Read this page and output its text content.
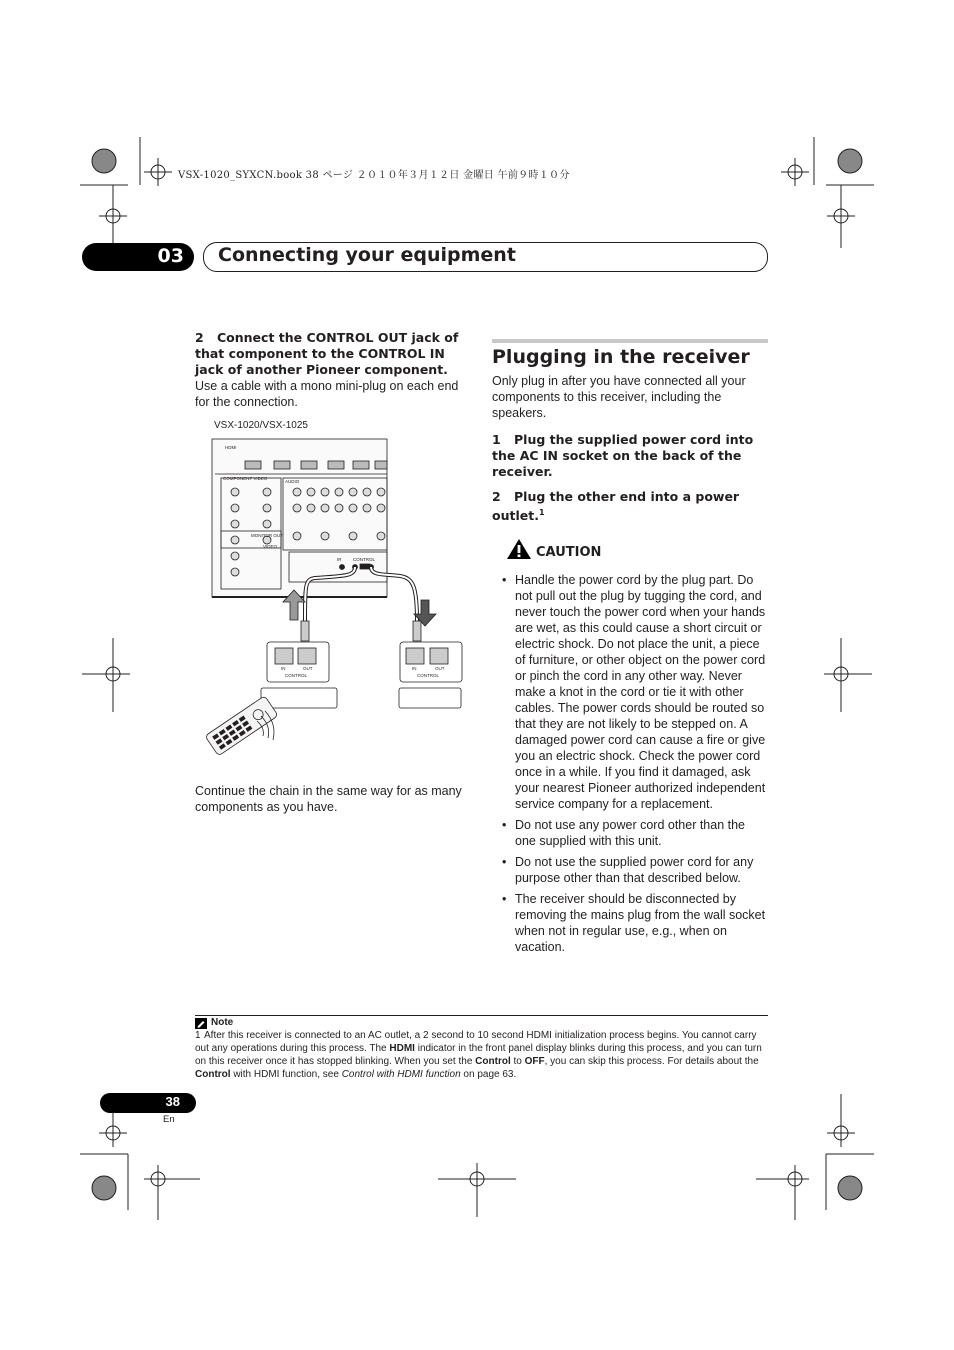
VSX-1020_SYXCN.book 38 ページ ２０１０年３月１２日 金曜日 午前９時１０分
03 Connecting your equipment

2 Connect the CONTROL OUT jack of that component to the CONTROL IN jack of another Pioneer component.

Use a cable with a mono mini-plug on each end for the connection.

VSX-1020/VSX-1025
HDMI
COMPONENT VIDEO
AUDIO
MONITOR OUT
VIDEO
IR	CONTROL
IN	OUT
CONTROL
IN	OUT
CONTROL

Continue the chain in the same way for as many components as you have.

Plugging in the receiver

Only plug in after you have connected all your components to this receiver, including the speakers.

1 Plug the supplied power cord into the AC IN socket on the back of the receiver.

2 Plug the other end into a power outlet.$^1$

CAUTION
• Handle the power cord by the plug part. Do not pull out the plug by tugging the cord, and never touch the power cord when your hands are wet, as this could cause a short circuit or electric shock. Do not place the unit, a piece of furniture, or other object on the power cord or pinch the cord in any other way. Never make a knot in the cord or tie it with other cables. The power cords should be routed so that they are not likely to be stepped on. A damaged power cord can cause a fire or give you an electric shock. Check the power cord once in a while. If you find it damaged, ask your nearest Pioneer authorized independent service company for a replacement.
• Do not use any power cord other than the one supplied with this unit.
• Do not use the supplied power cord for any purpose other than that described below.
• The receiver should be disconnected by removing the mains plug from the wall socket when not in regular use, e.g., when on vacation.
Note
1 After this receiver is connected to an AC outlet, a 2 second to 10 second HDMI initialization process begins. You cannot carry out any operations during this process. The HDMI indicator in the front panel display blinks during this process, and you can turn on this receiver once it has stopped blinking. When you set the Control to OFF, you can skip this process. For details about the Control with HDMI function, see Control with HDMI function on page 63.
38
En
